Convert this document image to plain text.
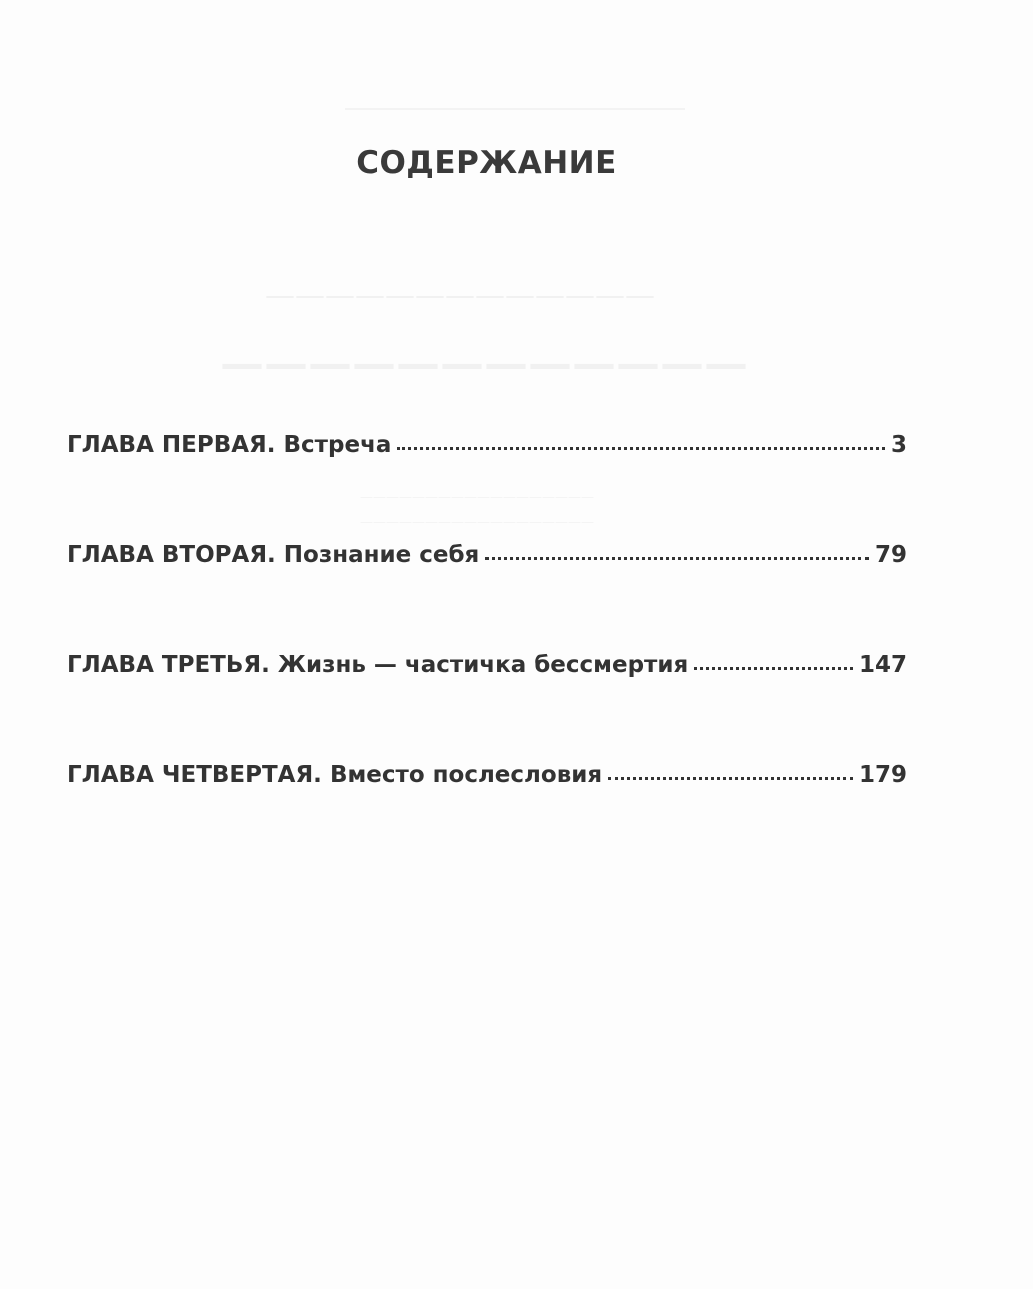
СОДЕРЖАНИЕ
ГЛАВА ПЕРВАЯ. Встреча	3
ГЛАВА ВТОРАЯ. Познание себя	79
ГЛАВА ТРЕТЬЯ. Жизнь — частичка бессмертия	147
ГЛАВА ЧЕТВЕРТАЯ. Вместо послесловия	179
